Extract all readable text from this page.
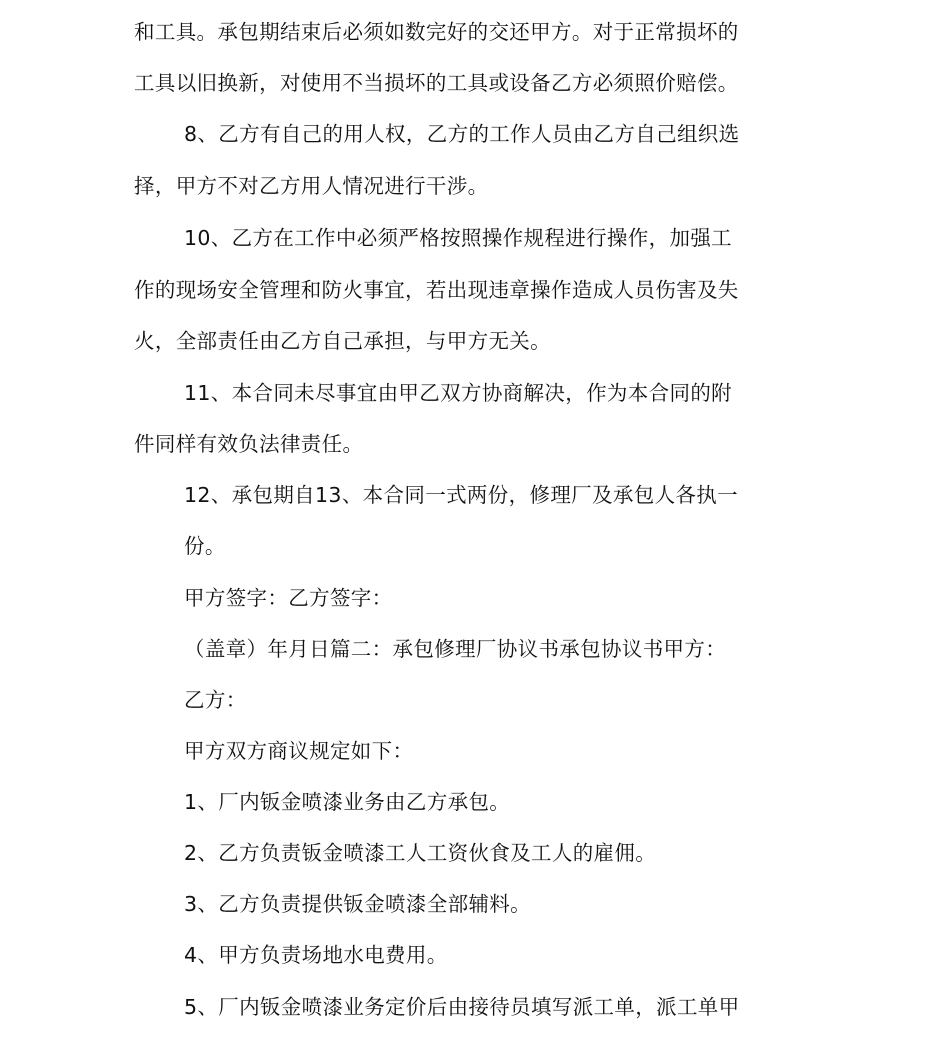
和工具。承包期结束后必须如数完好的交还甲方。对于正常损坏的
工具以旧换新，对使用不当损坏的工具或设备乙方必须照价赔偿。
8、乙方有自己的用人权，乙方的工作人员由乙方自己组织选
择，甲方不对乙方用人情况进行干涉。
10、乙方在工作中必须严格按照操作规程进行操作，加强工
作的现场安全管理和防火事宜，若出现违章操作造成人员伤害及失
火，全部责任由乙方自己承担，与甲方无关。
11、本合同未尽事宜由甲乙双方协商解决，作为本合同的附
件同样有效负法律责任。
12、承包期自13、本合同一式两份，修理厂及承包人各执一
份。
甲方签字：乙方签字：
（盖章）年月日篇二：承包修理厂协议书承包协议书甲方：
乙方：
甲方双方商议规定如下：
1、厂内钣金喷漆业务由乙方承包。
2、乙方负责钣金喷漆工人工资伙食及工人的雇佣。
3、乙方负责提供钣金喷漆全部辅料。
4、甲方负责场地水电费用。
5、厂内钣金喷漆业务定价后由接待员填写派工单，派工单甲
